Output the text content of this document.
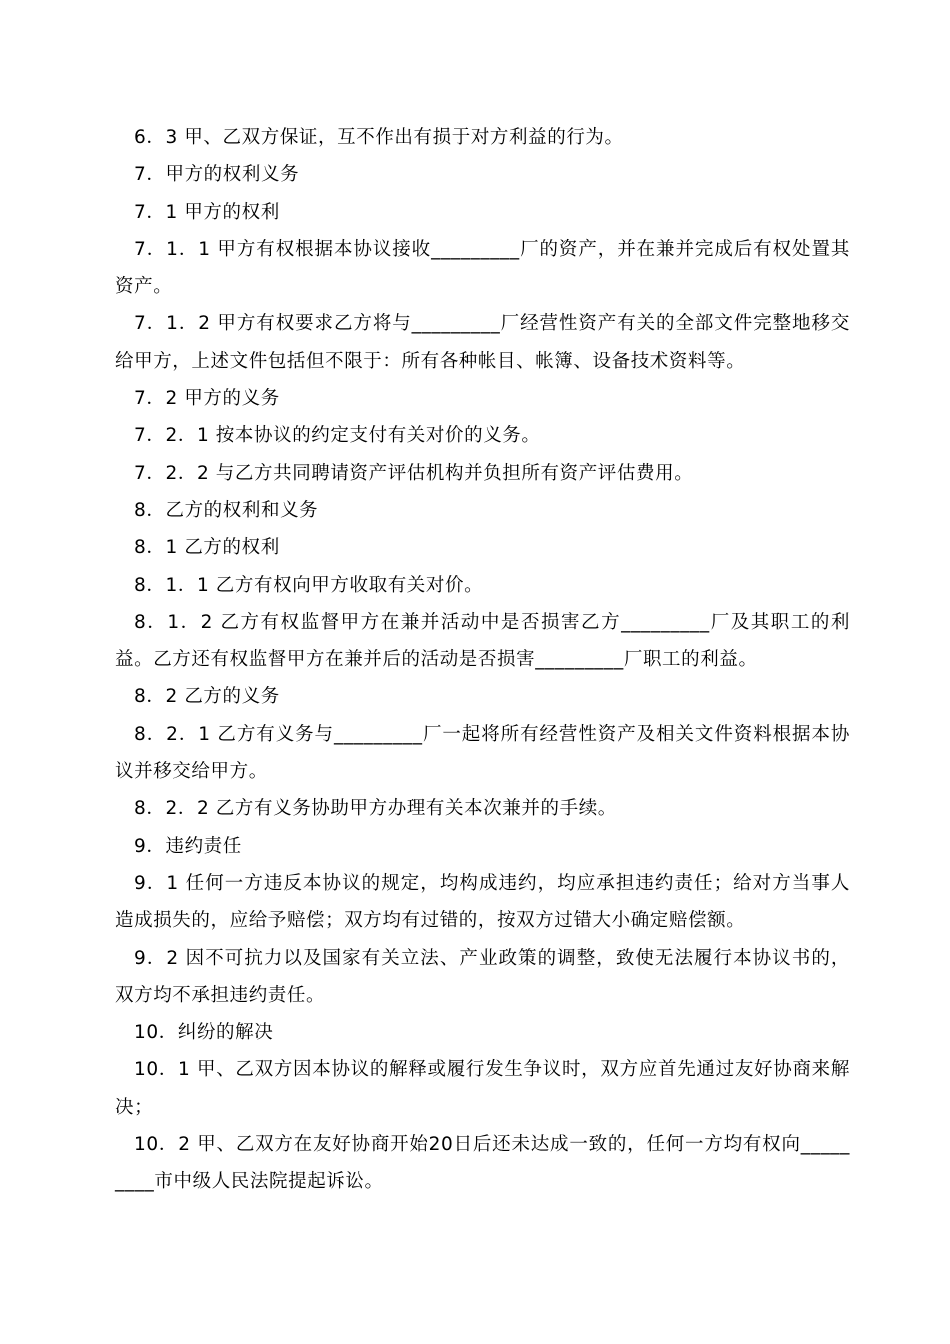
6．3 甲、乙双方保证，互不作出有损于对方利益的行为。

7．甲方的权利义务

7．1 甲方的权利

7．1．1 甲方有权根据本协议接收_________厂的资产，并在兼并完成后有权处置其资产。

7．1．2 甲方有权要求乙方将与_________厂经营性资产有关的全部文件完整地移交给甲方，上述文件包括但不限于：所有各种帐目、帐簿、设备技术资料等。

7．2 甲方的义务

7．2．1 按本协议的约定支付有关对价的义务。

7．2．2 与乙方共同聘请资产评估机构并负担所有资产评估费用。

8．乙方的权利和义务

8．1 乙方的权利

8．1．1 乙方有权向甲方收取有关对价。

8．1．2 乙方有权监督甲方在兼并活动中是否损害乙方_________厂及其职工的利益。乙方还有权监督甲方在兼并后的活动是否损害_________厂职工的利益。

8．2 乙方的义务

8．2．1 乙方有义务与_________厂一起将所有经营性资产及相关文件资料根据本协议并移交给甲方。

8．2．2 乙方有义务协助甲方办理有关本次兼并的手续。

9．违约责任

9．1 任何一方违反本协议的规定，均构成违约，均应承担违约责任；给对方当事人造成损失的，应给予赔偿；双方均有过错的，按双方过错大小确定赔偿额。

9．2 因不可抗力以及国家有关立法、产业政策的调整，致使无法履行本协议书的，双方均不承担违约责任。

10．纠纷的解决

10．1 甲、乙双方因本协议的解释或履行发生争议时，双方应首先通过友好协商来解决；

10．2 甲、乙双方在友好协商开始20日后还未达成一致的，任何一方均有权向_________市中级人民法院提起诉讼。
